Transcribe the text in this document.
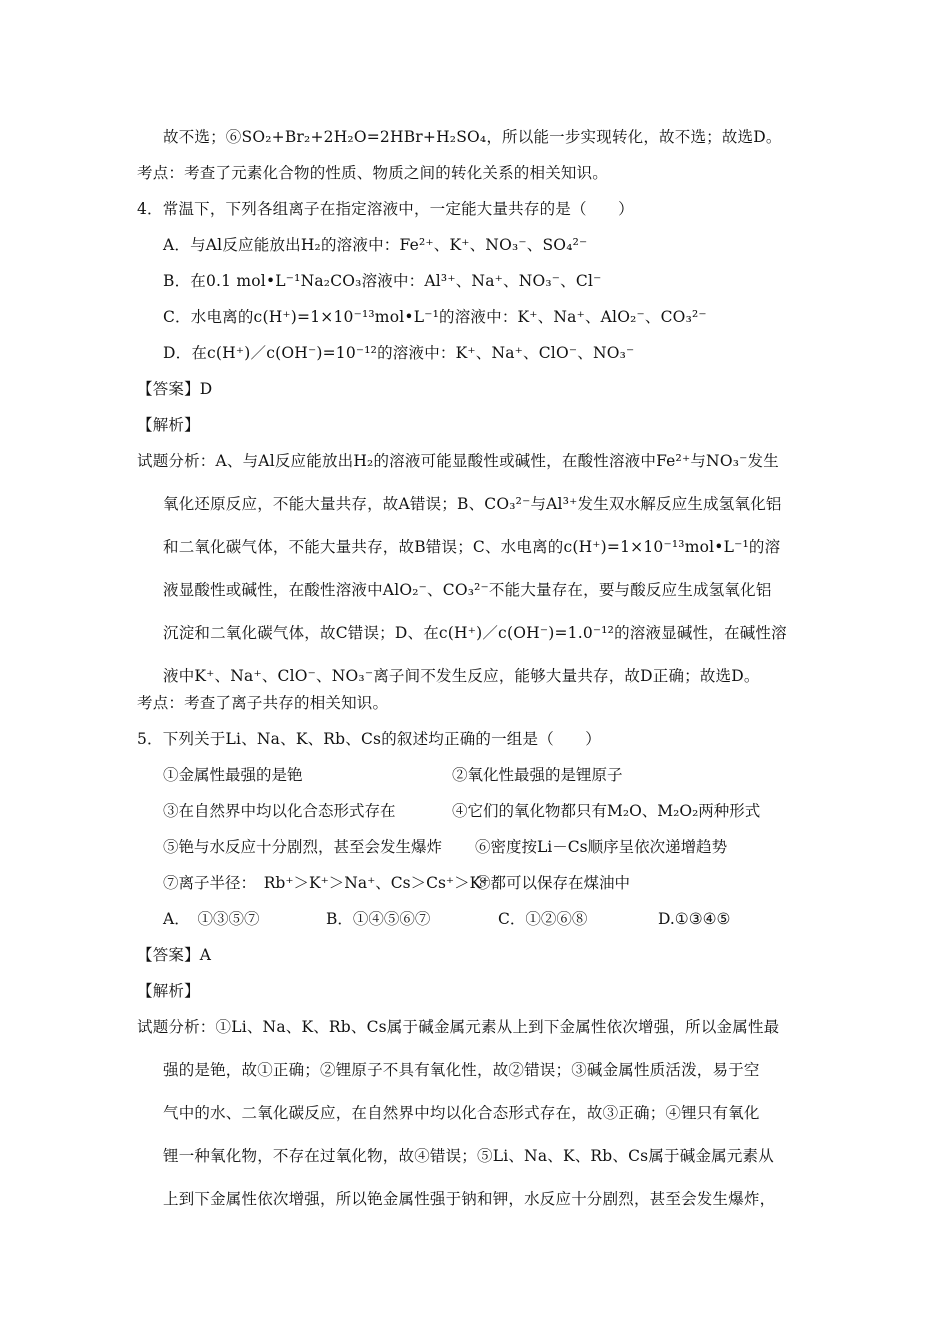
故不选；⑥SO₂+Br₂+2H₂O=2HBr+H₂SO₄，所以能一步实现转化，故不选；故选D。
考点：考查了元素化合物的性质、物质之间的转化关系的相关知识。
4．常温下，下列各组离子在指定溶液中，一定能大量共存的是（　　）
A．与Al反应能放出H₂的溶液中：Fe²⁺、K⁺、NO₃⁻、SO₄²⁻
B．在0.1 mol•L⁻¹Na₂CO₃溶液中：Al³⁺、Na⁺、NO₃⁻、Cl⁻
C．水电离的c(H⁺)=1×10⁻¹³mol•L⁻¹的溶液中：K⁺、Na⁺、AlO₂⁻、CO₃²⁻
D．在c(H⁺)／c(OH⁻)=10⁻¹²的溶液中：K⁺、Na⁺、ClO⁻、NO₃⁻
【答案】D
【解析】
试题分析：A、与Al反应能放出H₂的溶液可能显酸性或碱性，在酸性溶液中Fe²⁺与NO₃⁻发生
氧化还原反应，不能大量共存，故A错误；B、CO₃²⁻与Al³⁺发生双水解反应生成氢氧化铝
和二氧化碳气体，不能大量共存，故B错误；C、水电离的c(H⁺)=1×10⁻¹³mol•L⁻¹的溶
液显酸性或碱性，在酸性溶液中AlO₂⁻、CO₃²⁻不能大量存在，要与酸反应生成氢氧化铝
沉淀和二氧化碳气体，故C错误；D、在c(H⁺)／c(OH⁻)=1.0⁻¹²的溶液显碱性，在碱性溶
液中K⁺、Na⁺、ClO⁻、NO₃⁻离子间不发生反应，能够大量共存，故D正确；故选D。
考点：考查了离子共存的相关知识。
5．下列关于Li、Na、K、Rb、Cs的叙述均正确的一组是（　　）
①金属性最强的是铯	②氧化性最强的是锂原子
③在自然界中均以化合态形式存在	④它们的氧化物都只有M₂O、M₂O₂两种形式
⑤铯与水反应十分剧烈，甚至会发生爆炸 ⑥密度按Li－Cs顺序呈依次递增趋势
⑦离子半径：　Rb⁺＞K⁺＞Na⁺、Cs＞Cs⁺＞K⁺
⑧都可以保存在煤油中
A．　①③⑤⑦	B．①④⑤⑥⑦	C．①②⑥⑧	D.①③④⑤
【答案】A
【解析】
试题分析：①Li、Na、K、Rb、Cs属于碱金属元素从上到下金属性依次增强，所以金属性最
强的是铯，故①正确；②锂原子不具有氧化性，故②错误；③碱金属性质活泼，易于空
气中的水、二氧化碳反应，在自然界中均以化合态形式存在，故③正确；④锂只有氧化
锂一种氧化物，不存在过氧化物，故④错误；⑤Li、Na、K、Rb、Cs属于碱金属元素从
上到下金属性依次增强，所以铯金属性强于钠和钾，水反应十分剧烈，甚至会发生爆炸，
